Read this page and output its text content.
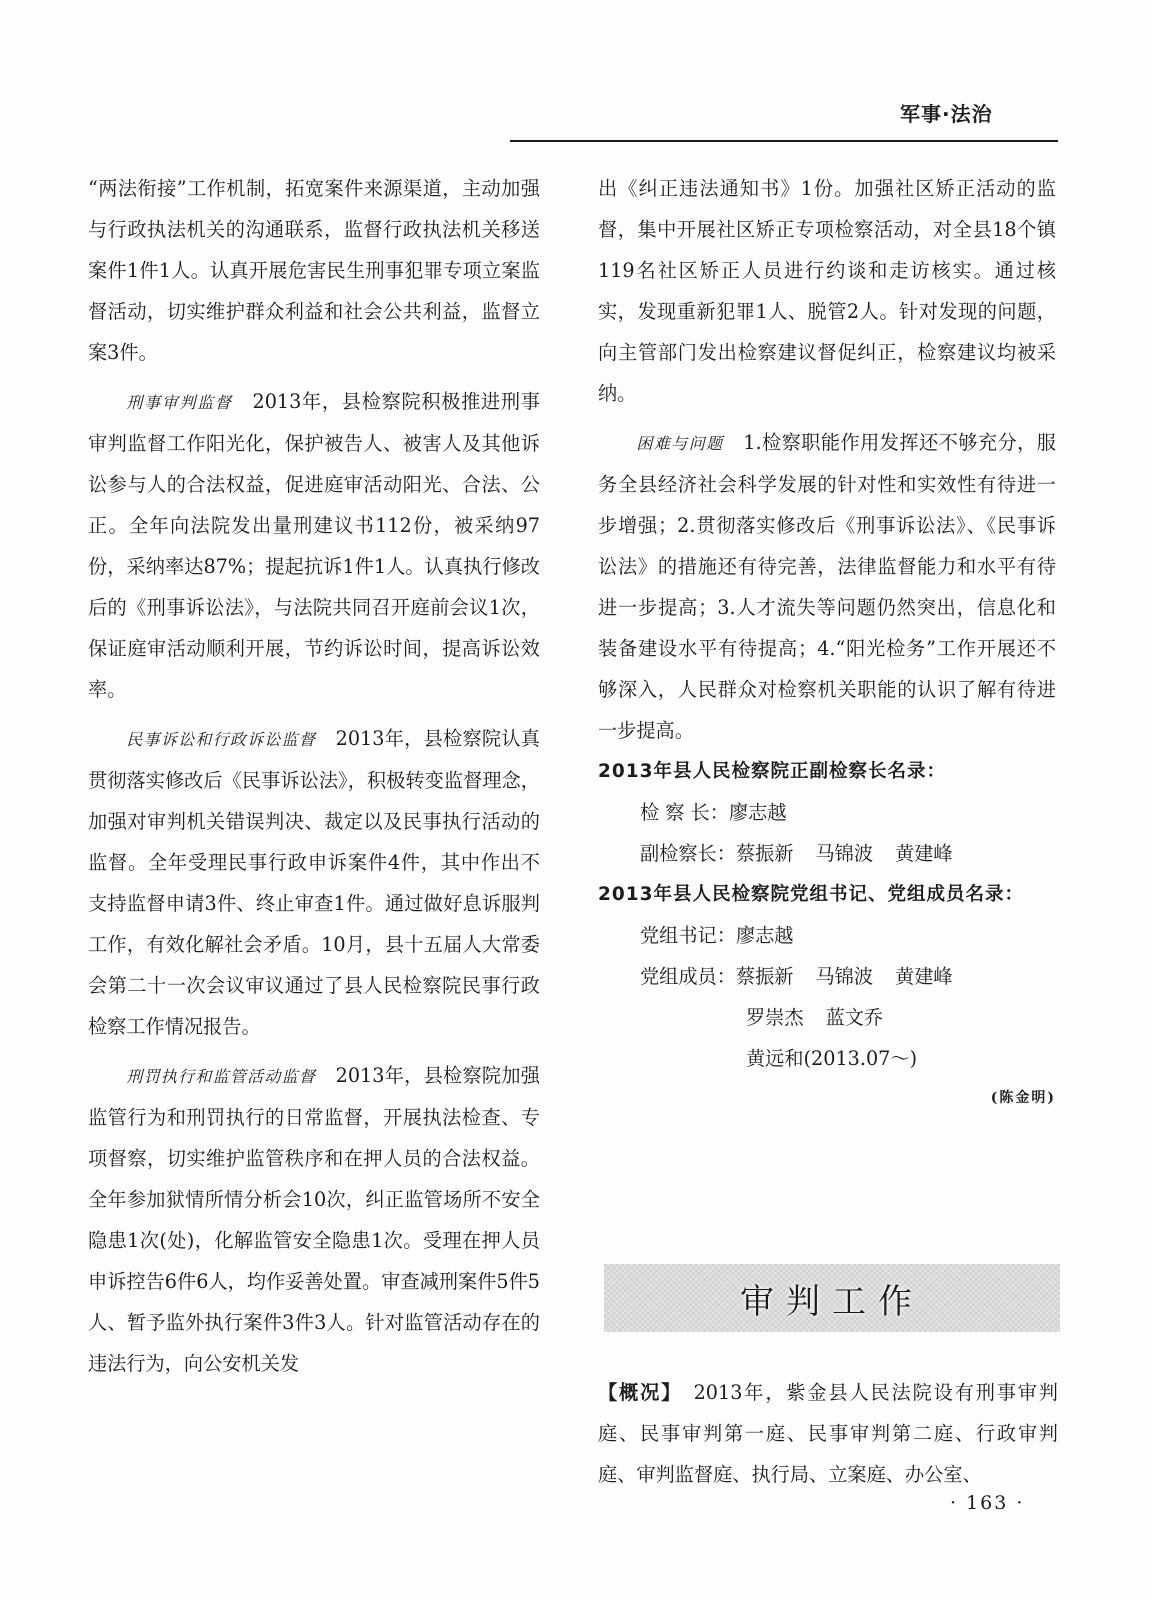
军事·法治

“两法衔接”工作机制，拓宽案件来源渠道，主动加强与行政执法机关的沟通联系，监督行政执法机关移送案件1件1人。认真开展危害民生刑事犯罪专项立案监督活动，切实维护群众利益和社会公共利益，监督立案3件。

刑事审判监督　2013年，县检察院积极推进刑事审判监督工作阳光化，保护被告人、被害人及其他诉讼参与人的合法权益，促进庭审活动阳光、合法、公正。全年向法院发出量刑建议书112份，被采纳97份，采纳率达87%；提起抗诉1件1人。认真执行修改后的《刑事诉讼法》，与法院共同召开庭前会议1次，保证庭审活动顺利开展，节约诉讼时间，提高诉讼效率。

民事诉讼和行政诉讼监督　2013年，县检察院认真贯彻落实修改后《民事诉讼法》，积极转变监督理念，加强对审判机关错误判决、裁定以及民事执行活动的监督。全年受理民事行政申诉案件4件，其中作出不支持监督申请3件、终止审查1件。通过做好息诉服判工作，有效化解社会矛盾。10月，县十五届人大常委会第二十一次会议审议通过了县人民检察院民事行政检察工作情况报告。

刑罚执行和监管活动监督　2013年，县检察院加强监管行为和刑罚执行的日常监督，开展执法检查、专项督察，切实维护监管秩序和在押人员的合法权益。全年参加狱情所情分析会10次，纠正监管场所不安全隐患1次(处)，化解监管安全隐患1次。受理在押人员申诉控告6件6人，均作妥善处置。审查减刑案件5件5人、暂予监外执行案件3件3人。针对监管活动存在的违法行为，向公安机关发

出《纠正违法通知书》1份。加强社区矫正活动的监督，集中开展社区矫正专项检察活动，对全县18个镇119名社区矫正人员进行约谈和走访核实。通过核实，发现重新犯罪1人、脱管2人。针对发现的问题，向主管部门发出检察建议督促纠正，检察建议均被采纳。

困难与问题　1.检察职能作用发挥还不够充分，服务全县经济社会科学发展的针对性和实效性有待进一步增强；2.贯彻落实修改后《刑事诉讼法》、《民事诉讼法》的措施还有待完善，法律监督能力和水平有待进一步提高；3.人才流失等问题仍然突出，信息化和装备建设水平有待提高；4.“阳光检务”工作开展还不够深入，人民群众对检察机关职能的认识了解有待进一步提高。

2013年县人民检察院正副检察长名录：

检 察 长：廖志越

副检察长：蔡振新 马锦波 黄建峰

2013年县人民检察院党组书记、党组成员名录：

党组书记：廖志越

党组成员：蔡振新 马锦波 黄建峰

罗崇杰 蓝文乔

黄远和(2013.07～)

(陈金明)

审判工作

【概况】　2013年，紫金县人民法院设有刑事审判庭、民事审判第一庭、民事审判第二庭、行政审判庭、审判监督庭、执行局、立案庭、办公室、

· 163 ·
